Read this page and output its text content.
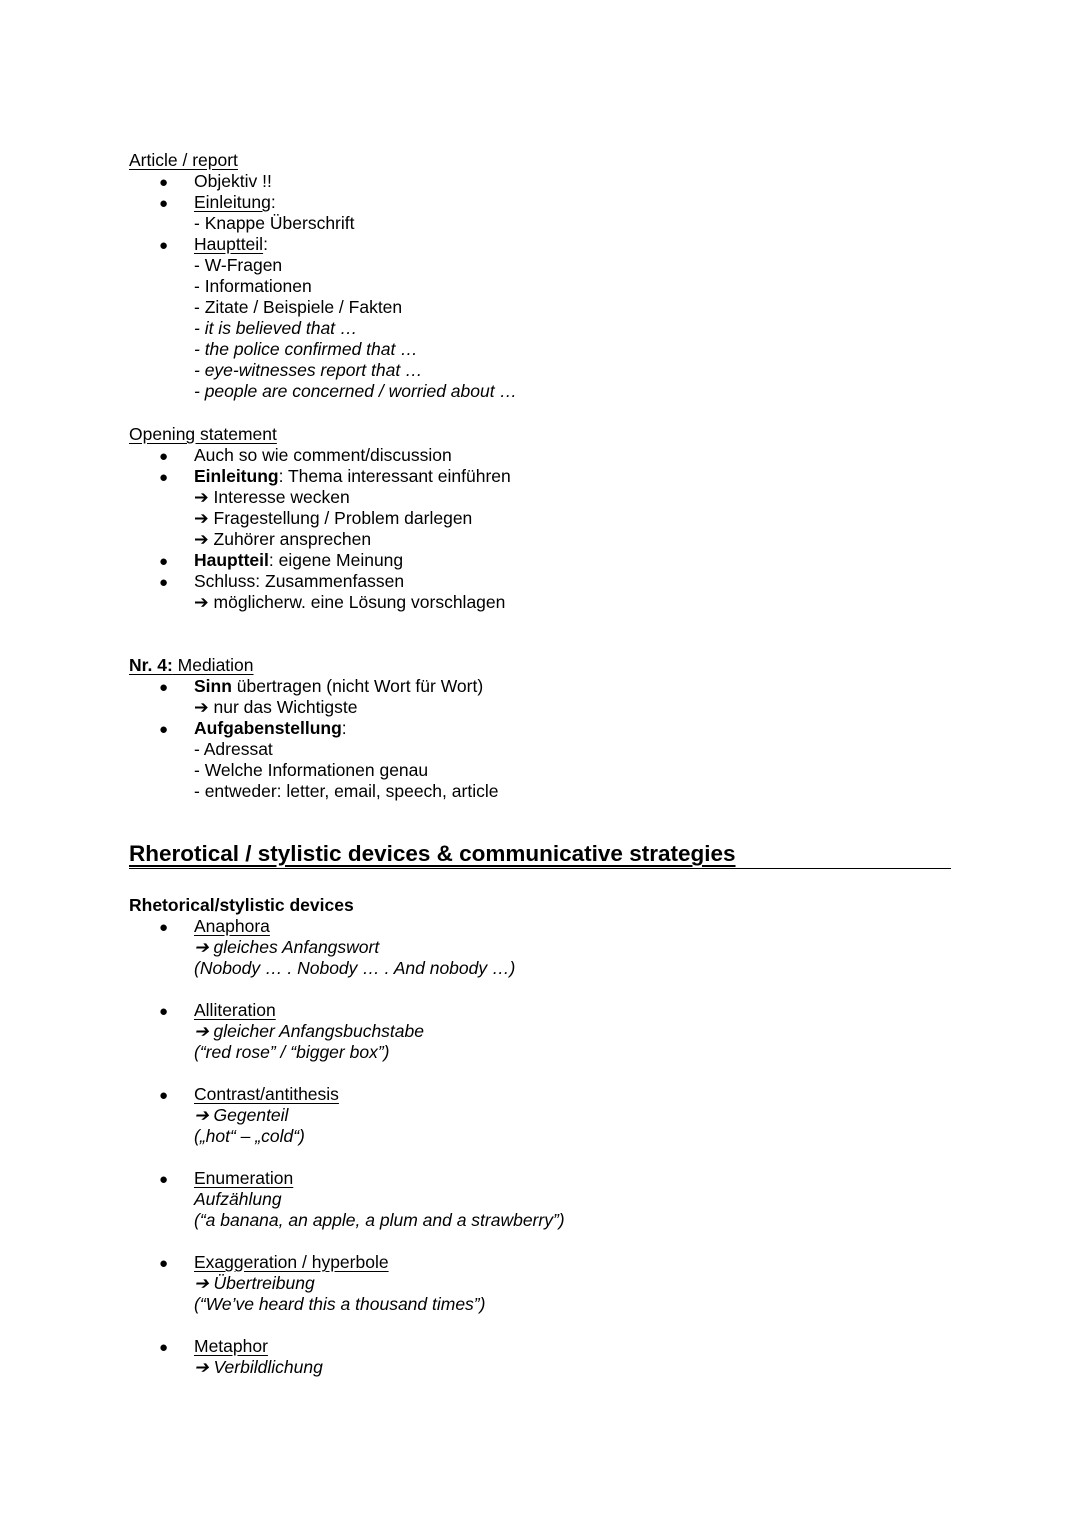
Article / report

● Objektiv !!
● Einleitung:
- Knappe Überschrift
● Hauptteil:
- W-Fragen
- Informationen
- Zitate / Beispiele / Fakten
- it is believed that …
- the police confirmed that …
- eye-witnesses report that …
- people are concerned / worried about …

Opening statement

● Auch so wie comment/discussion
● Einleitung: Thema interessant einführen
➔ Interesse wecken
➔ Fragestellung / Problem darlegen
➔ Zuhörer ansprechen
● Hauptteil: eigene Meinung
● Schluss: Zusammenfassen
➔ möglicherw. eine Lösung vorschlagen

Nr. 4: Mediation

● Sinn übertragen (nicht Wort für Wort)
➔ nur das Wichtigste
● Aufgabenstellung:
- Adressat
- Welche Informationen genau
- entweder: letter, email, speech, article
Rherotical / stylistic devices & communicative strategies

Rhetorical/stylistic devices

● Anaphora
➔ gleiches Anfangswort
(Nobody … . Nobody … . And nobody …)
● Alliteration
➔ gleicher Anfangsbuchstabe
(“red rose” / “bigger box”)
● Contrast/antithesis
➔ Gegenteil
(„hot“ – „cold“)
● Enumeration
Aufzählung
(“a banana, an apple, a plum and a strawberry”)
● Exaggeration / hyperbole
➔ Übertreibung
(“We’ve heard this a thousand times”)
● Metaphor
➔ Verbildlichung
